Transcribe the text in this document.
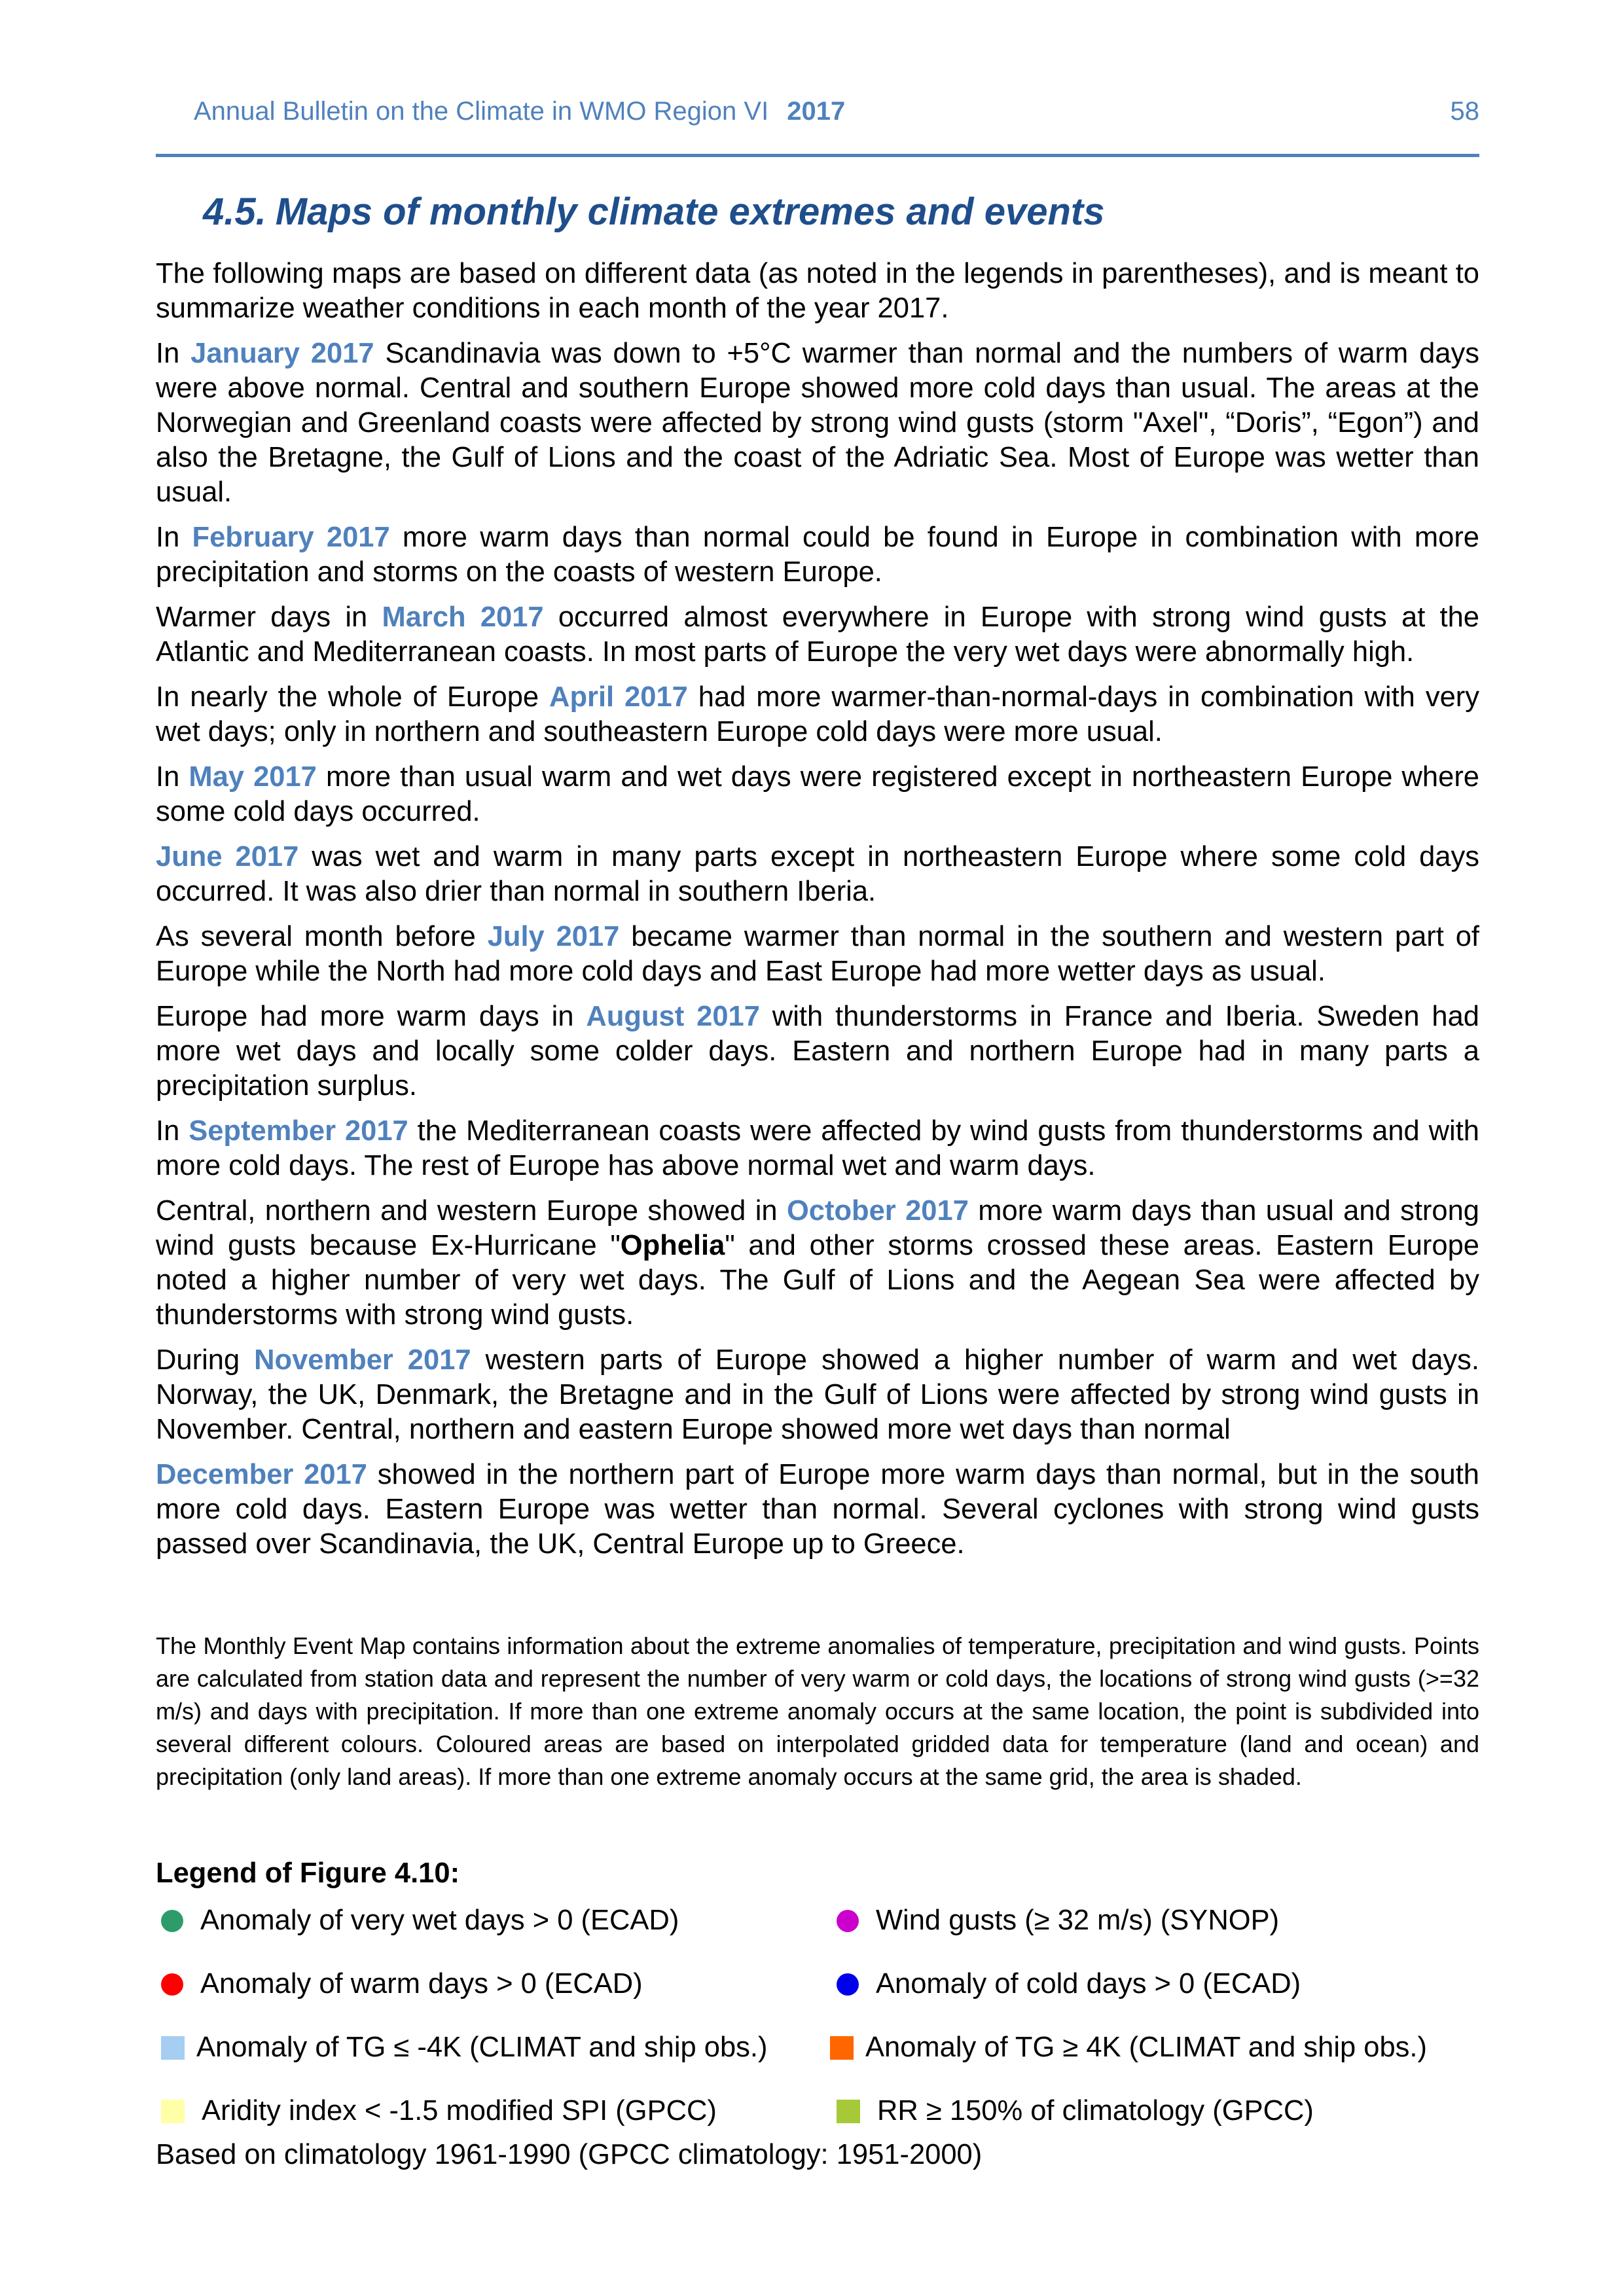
Annual Bulletin on the Climate in WMO Region VI 2017	58
4.5. Maps of monthly climate extremes and events

The following maps are based on different data (as noted in the legends in parentheses), and is meant to summarize weather conditions in each month of the year 2017.

In January 2017 Scandinavia was down to +5°C warmer than normal and the numbers of warm days were above normal. Central and southern Europe showed more cold days than usual. The areas at the Norwegian and Greenland coasts were affected by strong wind gusts (storm "Axel", “Doris”, “Egon”) and also the Bretagne, the Gulf of Lions and the coast of the Adriatic Sea. Most of Europe was wetter than usual.

In February 2017 more warm days than normal could be found in Europe in combination with more precipitation and storms on the coasts of western Europe.

Warmer days in March 2017 occurred almost everywhere in Europe with strong wind gusts at the Atlantic and Mediterranean coasts. In most parts of Europe the very wet days were abnormally high.

In nearly the whole of Europe April 2017 had more warmer-than-normal-days in combination with very wet days; only in northern and southeastern Europe cold days were more usual.

In May 2017 more than usual warm and wet days were registered except in northeastern Europe where some cold days occurred.

June 2017 was wet and warm in many parts except in northeastern Europe where some cold days occurred. It was also drier than normal in southern Iberia.

As several month before July 2017 became warmer than normal in the southern and western part of Europe while the North had more cold days and East Europe had more wetter days as usual.

Europe had more warm days in August 2017 with thunderstorms in France and Iberia. Sweden had more wet days and locally some colder days. Eastern and northern Europe had in many parts a precipitation surplus.

In September 2017 the Mediterranean coasts were affected by wind gusts from thunderstorms and with more cold days. The rest of Europe has above normal wet and warm days.

Central, northern and western Europe showed in October 2017 more warm days than usual and strong wind gusts because Ex-Hurricane "Ophelia" and other storms crossed these areas. Eastern Europe noted a higher number of very wet days. The Gulf of Lions and the Aegean Sea were affected by thunderstorms with strong wind gusts.

During November 2017 western parts of Europe showed a higher number of warm and wet days. Norway, the UK, Denmark, the Bretagne and in the Gulf of Lions were affected by strong wind gusts in November. Central, northern and eastern Europe showed more wet days than normal

December 2017 showed in the northern part of Europe more warm days than normal, but in the south more cold days. Eastern Europe was wetter than normal. Several cyclones with strong wind gusts passed over Scandinavia, the UK, Central Europe up to Greece.

The Monthly Event Map contains information about the extreme anomalies of temperature, precipitation and wind gusts. Points are calculated from station data and represent the number of very warm or cold days, the locations of strong wind gusts (>=32 m/s) and days with precipitation. If more than one extreme anomaly occurs at the same location, the point is subdivided into several different colours. Coloured areas are based on interpolated gridded data for temperature (land and ocean) and precipitation (only land areas). If more than one extreme anomaly occurs at the same grid, the area is shaded.

Legend of Figure 4.10:

Anomaly of very wet days > 0 (ECAD)	Wind gusts (≥ 32 m/s) (SYNOP)
Anomaly of warm days > 0 (ECAD)	Anomaly of cold days > 0 (ECAD)
Anomaly of TG ≤ -4K (CLIMAT and ship obs.)	Anomaly of TG ≥ 4K (CLIMAT and ship obs.)
Aridity index < -1.5 modified SPI (GPCC)	RR ≥ 150% of climatology (GPCC)

Based on climatology 1961-1990 (GPCC climatology: 1951-2000)
